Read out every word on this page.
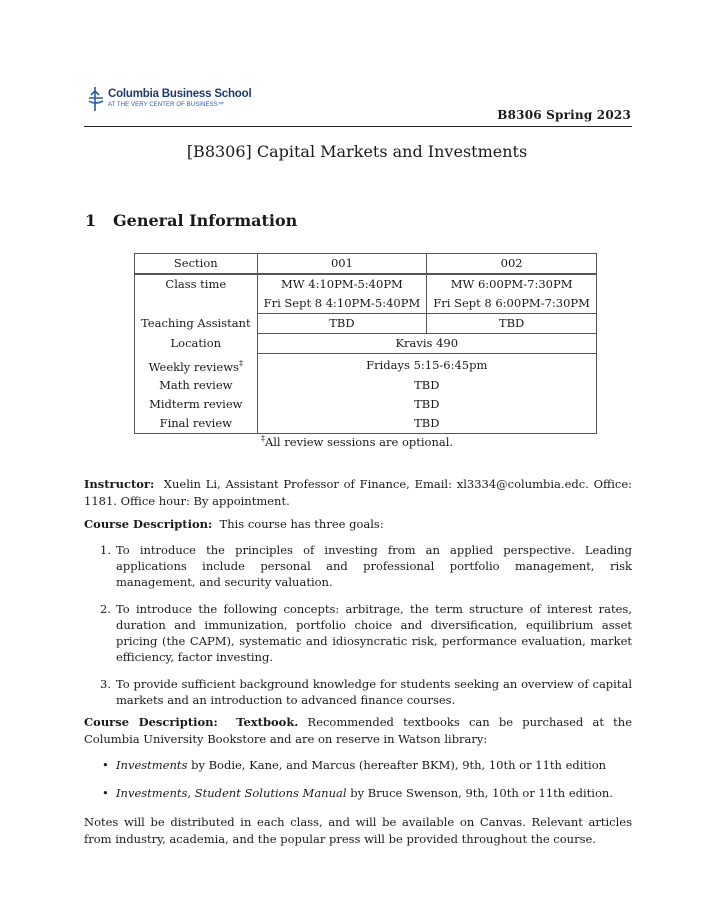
Columbia Business School
AT THE VERY CENTER OF BUSINESS™
B8306 Spring 2023
[B8306] Capital Markets and Investments
1 General Information
Section	001	002
Class time	MW 4:10PM-5:40PM	MW 6:00PM-7:30PM
	Fri Sept 8 4:10PM-5:40PM	Fri Sept 8 6:00PM-7:30PM
Teaching Assistant	TBD	TBD
Location	Kravis 490	
Weekly reviews‡	Fridays 5:15-6:45pm	
Math review	TBD	
Midterm review	TBD	
Final review	TBD	
‡All review sessions are optional.
Instructor: Xuelin Li, Assistant Professor of Finance, Email: xl3334@columbia.edc. Office: 1181. Office hour: By appointment.
Course Description: This course has three goals:
1. To introduce the principles of investing from an applied perspective. Leading applications include personal and professional portfolio management, risk management, and security valuation.
2. To introduce the following concepts: arbitrage, the term structure of interest rates, duration and immunization, portfolio choice and diversification, equilibrium asset pricing (the CAPM), systematic and idiosyncratic risk, performance evaluation, market efficiency, factor investing.
3. To provide sufficient background knowledge for students seeking an overview of capital markets and an introduction to advanced finance courses.
Course Description: Textbook. Recommended textbooks can be purchased at the Columbia University Bookstore and are on reserve in Watson library:
• Investments by Bodie, Kane, and Marcus (hereafter BKM), 9th, 10th or 11th edition
• Investments, Student Solutions Manual by Bruce Swenson, 9th, 10th or 11th edition.
Notes will be distributed in each class, and will be available on Canvas. Relevant articles from industry, academia, and the popular press will be provided throughout the course.
